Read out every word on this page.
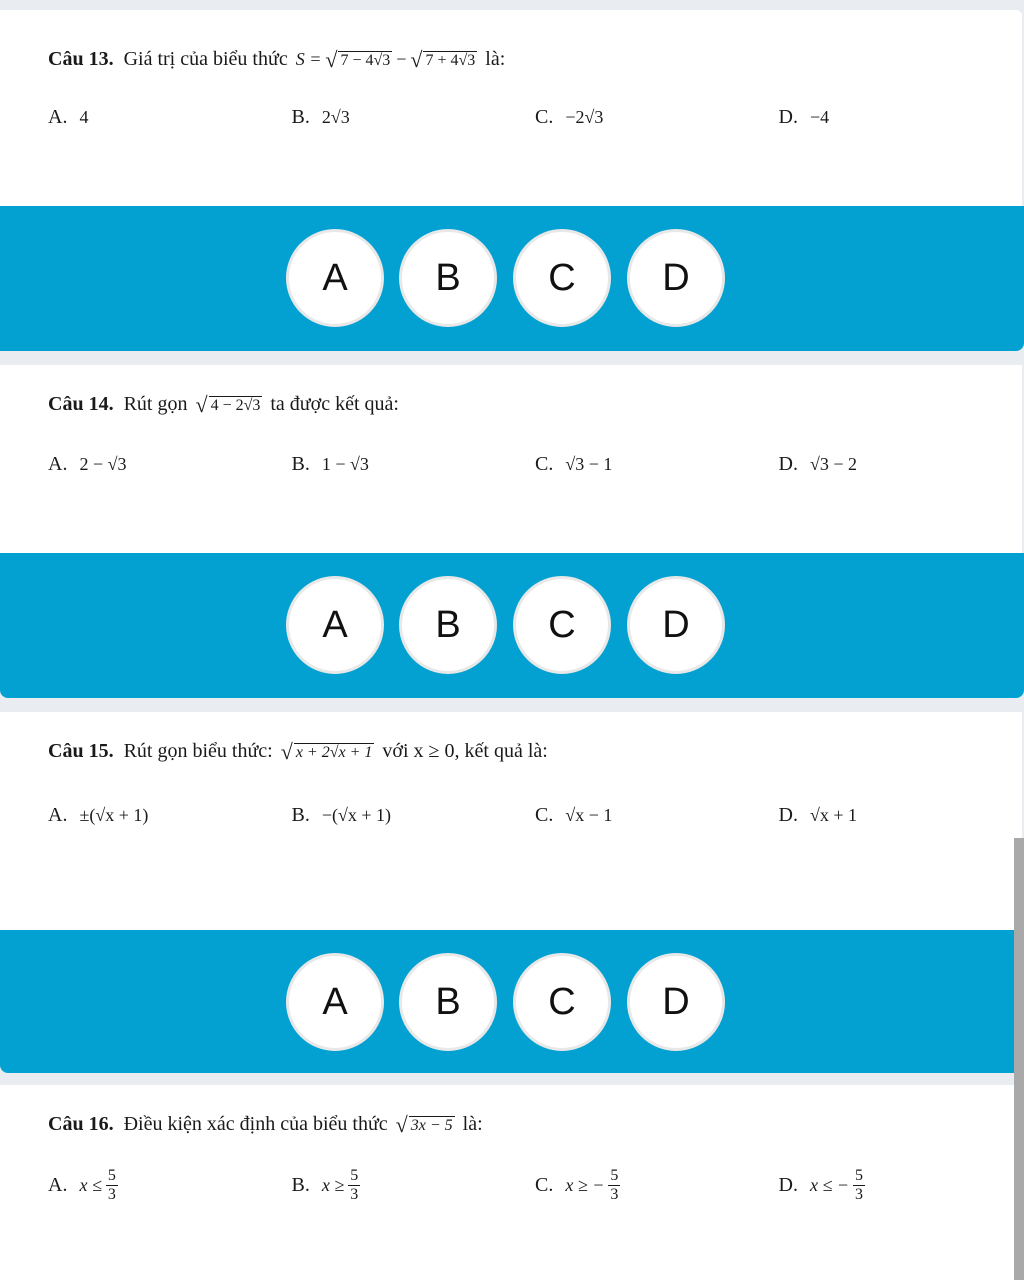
Câu 13. Giá trị của biểu thức S = √ 7 − 4√3 − √ 7 + 4√3 là:
A. 4	B. 2√3	C. −2√3	D. −4
A	B	C	D
Câu 14. Rút gọn √ 4 − 2√3 ta được kết quả:
A. 2 − √3	B. 1 − √3	C. √3 − 1	D. √3 − 2
A	B	C	D
Câu 15. Rút gọn biểu thức: √ x + 2√x + 1 với x ≥ 0, kết quả là:
A. ±(√x + 1)	B. −(√x + 1)	C. √x − 1	D. √x + 1
A	B	C	D
Câu 16. Điều kiện xác định của biểu thức √ 3x − 5 là:
A. $x \le \frac{5}{3}$	B. $x \ge \frac{5}{3}$	C. x ≥ − $\frac{5}{3}$	D. x ≤ − $\frac{5}{3}$
